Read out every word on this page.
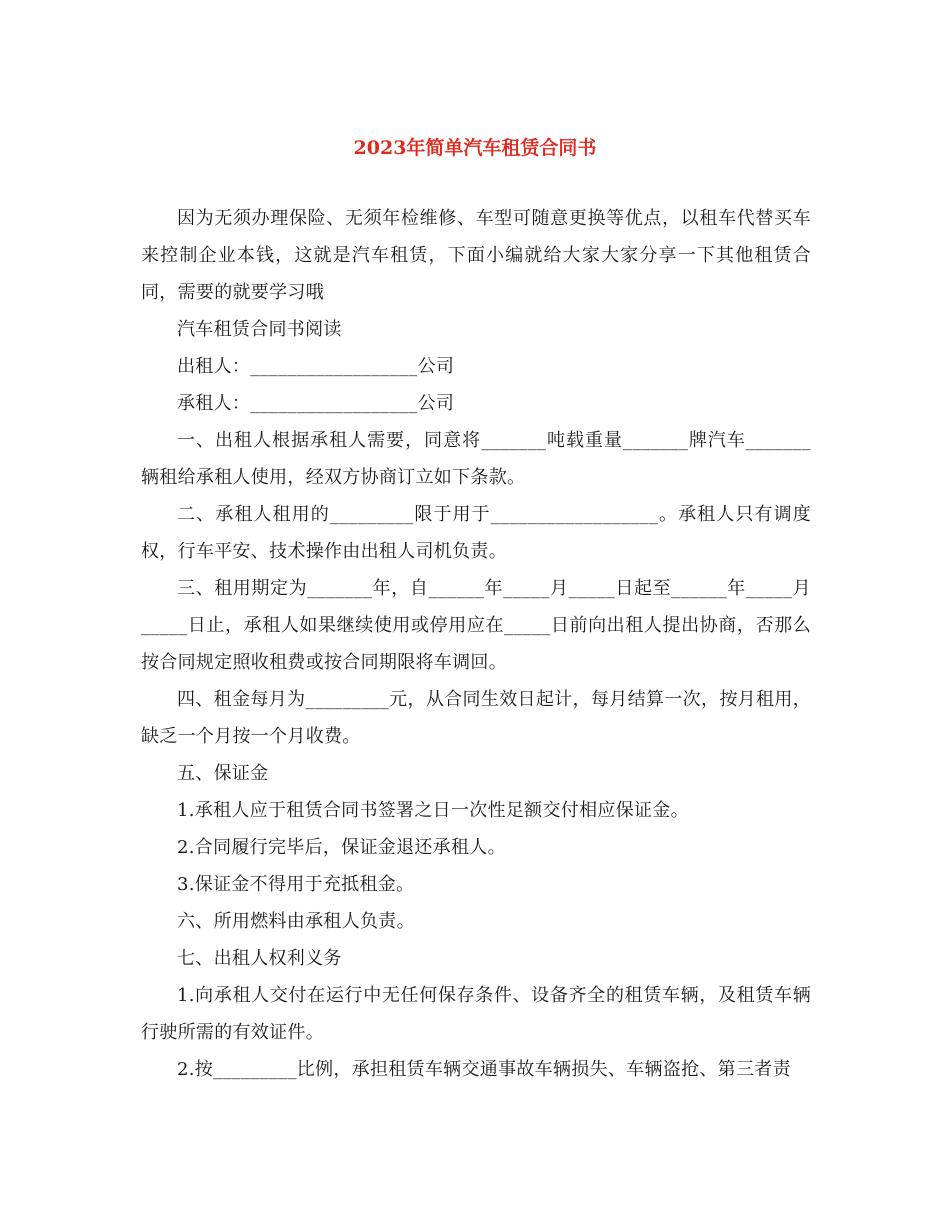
2023年简单汽车租赁合同书

因为无须办理保险、无须年检维修、车型可随意更换等优点，以租车代替买车来控制企业本钱，这就是汽车租赁，下面小编就给大家大家分享一下其他租赁合同，需要的就要学习哦

汽车租赁合同书阅读

出租人：__________________公司

承租人：__________________公司

一、出租人根据承租人需要，同意将_______吨载重量_______牌汽车_______辆租给承租人使用，经双方协商订立如下条款。

二、承租人租用的_________限于用于__________________。承租人只有调度权，行车平安、技术操作由出租人司机负责。

三、租用期定为_______年，自______年_____月_____日起至______年_____月_____日止，承租人如果继续使用或停用应在_____日前向出租人提出协商，否那么按合同规定照收租费或按合同期限将车调回。

四、租金每月为_________元，从合同生效日起计，每月结算一次，按月租用，缺乏一个月按一个月收费。

五、保证金

1.承租人应于租赁合同书签署之日一次性足额交付相应保证金。

2.合同履行完毕后，保证金退还承租人。

3.保证金不得用于充抵租金。

六、所用燃料由承租人负责。

七、出租人权利义务

1.向承租人交付在运行中无任何保存条件、设备齐全的租赁车辆，及租赁车辆行驶所需的有效证件。

2.按_________比例，承担租赁车辆交通事故车辆损失、车辆盗抢、第三者责
